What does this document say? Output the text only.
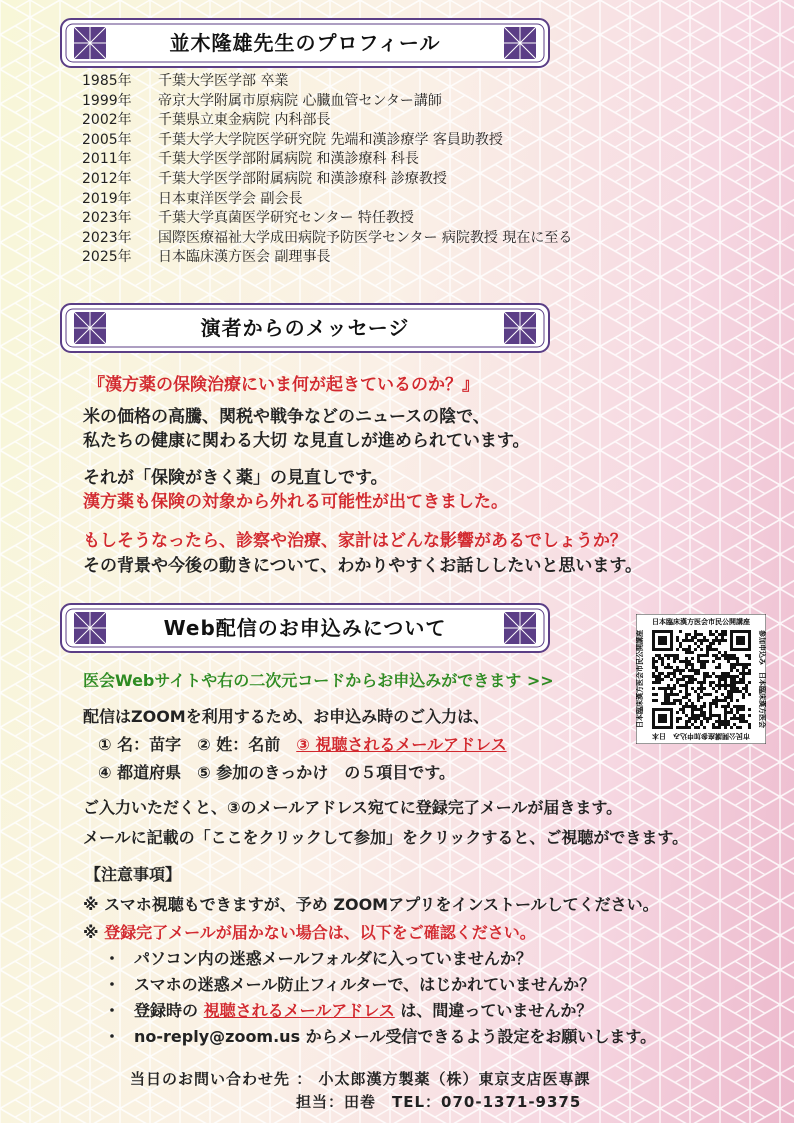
並木隆雄先生のプロフィール
1985年 千葉大学医学部 卒業
1999年 帝京大学附属市原病院 心臓血管センター講師
2002年 千葉県立東金病院 内科部長
2005年 千葉大学大学院医学研究院 先端和漢診療学 客員助教授
2011年 千葉大学医学部附属病院 和漢診療科 科長
2012年 千葉大学医学部附属病院 和漢診療科 診療教授
2019年 日本東洋医学会 副会長
2023年 千葉大学真菌医学研究センター 特任教授
2023年 国際医療福祉大学成田病院予防医学センター 病院教授 現在に至る
2025年 日本臨床漢方医会 副理事長
演者からのメッセージ
『漢方薬の保険治療にいま何が起きているのか？』
米の価格の高騰、関税や戦争などのニュースの陰で、
私たちの健康に関わる大切 な見直しが進められています。
それが「保険がきく薬」の見直しです。
漢方薬も保険の対象から外れる可能性が出てきました。
もしそうなったら、診察や治療、家計はどんな影響があるでしょうか？
その背景や今後の動きについて、わかりやすくお話ししたいと思います。
Web配信のお申込みについて	日本臨床漢方医会市民公開講座
市民公開講座参加申込み　日本
参加申込み　日本臨床漢方医会
日本臨床漢方医会市民公開講座
医会Webサイトや右の二次元コードからお申込みができます >>
配信はZOOMを利用するため、お申込み時のご入力は、
① 名：苗字　② 姓：名前　③ 視聴されるメールアドレス
④ 都道府県　⑤ 参加のきっかけ　の５項目です。
ご入力いただくと、③のメールアドレス宛てに登録完了メールが届きます。
メールに記載の「ここをクリックして参加」をクリックすると、ご視聴ができます。
【注意事項】
※ スマホ視聴もできますが、予め ZOOMアプリをインストールしてください。
※ 登録完了メールが届かない場合は、以下をご確認ください。
・ パソコン内の迷惑メールフォルダに入っていませんか？
・ スマホの迷惑メール防止フィルターで、はじかれていませんか？
・ 登録時の 視聴されるメールアドレス は、間違っていませんか？
・ no-reply@zoom.us からメール受信できるよう設定をお願いします。
当日のお問い合わせ先 ： 小太郎漢方製薬（株）東京支店医専課
担当：田巻　TEL：070-1371-9375
